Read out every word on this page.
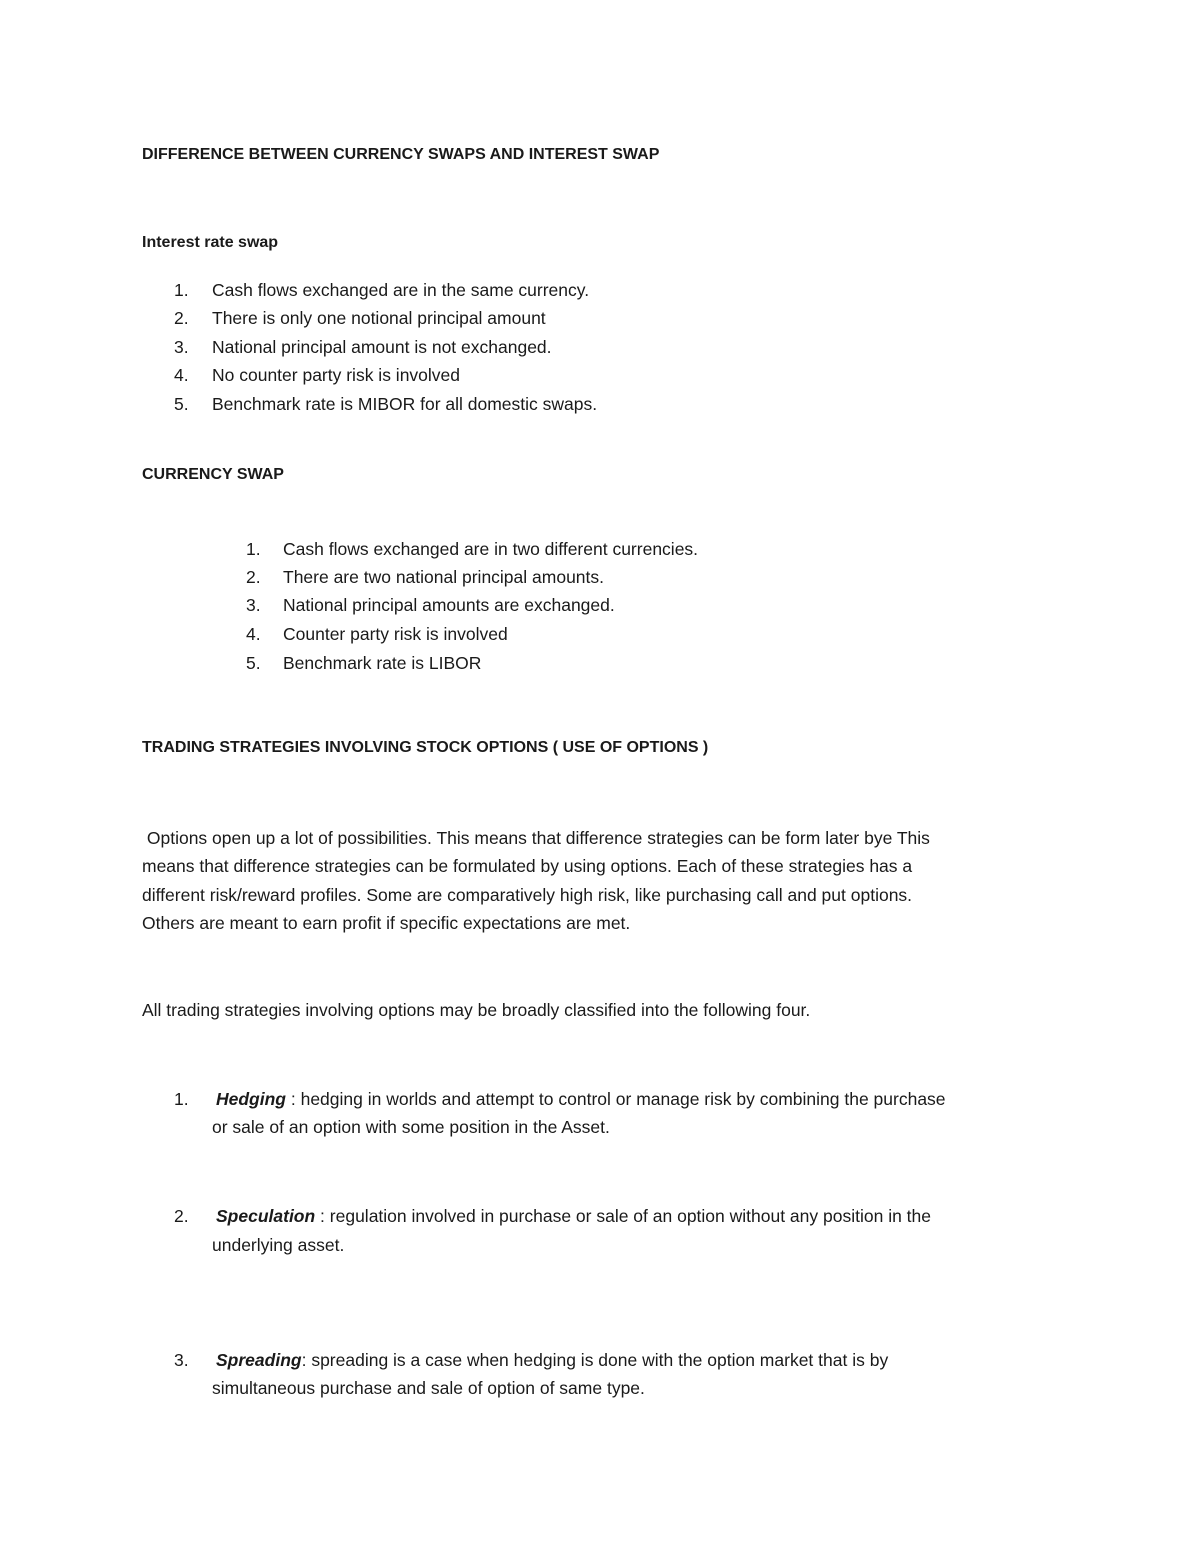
DIFFERENCE BETWEEN CURRENCY SWAPS AND INTEREST SWAP
Interest rate swap
1. Cash flows exchanged are in the same currency.
2. There is only one notional principal amount
3. National principal amount is not exchanged.
4. No counter party risk is involved
5. Benchmark rate is MIBOR for all domestic swaps.
CURRENCY SWAP
1. Cash flows exchanged are in two different currencies.
2. There are two national principal amounts.
3. National principal amounts are exchanged.
4. Counter party risk is involved
5. Benchmark rate is LIBOR
TRADING STRATEGIES INVOLVING STOCK OPTIONS ( USE OF OPTIONS )
Options open up a lot of possibilities. This means that difference strategies can be form later bye This
means that difference strategies can be formulated by using options. Each of these strategies has a
different risk/reward profiles. Some are comparatively high risk, like purchasing call and put options.
Others are meant to earn profit if specific expectations are met.
All trading strategies involving options may be broadly classified into the following four.
1. Hedging : hedging in worlds and attempt to control or manage risk by combining the purchase
or sale of an option with some position in the Asset.
2. Speculation : regulation involved in purchase or sale of an option without any position in the
underlying asset.
3. Spreading: spreading is a case when hedging is done with the option market that is by
simultaneous purchase and sale of option of same type.
